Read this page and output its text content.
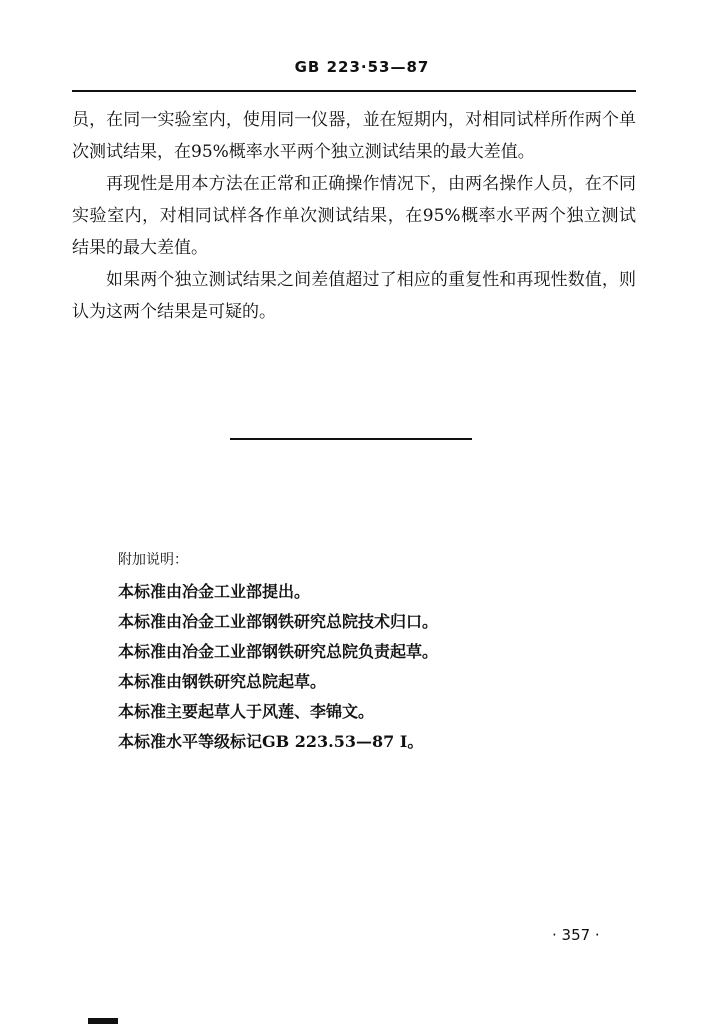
GB 223·53—87

员，在同一实验室内，使用同一仪器，並在短期内，对相同试样所作两个单次测试结果，在95%概率水平两个独立测试结果的最大差值。

再现性是用本方法在正常和正确操作情况下，由两名操作人员，在不同实验室内，对相同试样各作单次测试结果，在95%概率水平两个独立测试结果的最大差值。

如果两个独立测试结果之间差值超过了相应的重复性和再现性数值，则认为这两个结果是可疑的。

附加说明：
本标准由冶金工业部提出。
本标准由冶金工业部钢铁研究总院技术归口。
本标准由冶金工业部钢铁研究总院负责起草。
本标准由钢铁研究总院起草。
本标准主要起草人于风莲、李锦文。
本标准水平等级标记GB 223.53—87 Ⅰ。
· 357 ·
